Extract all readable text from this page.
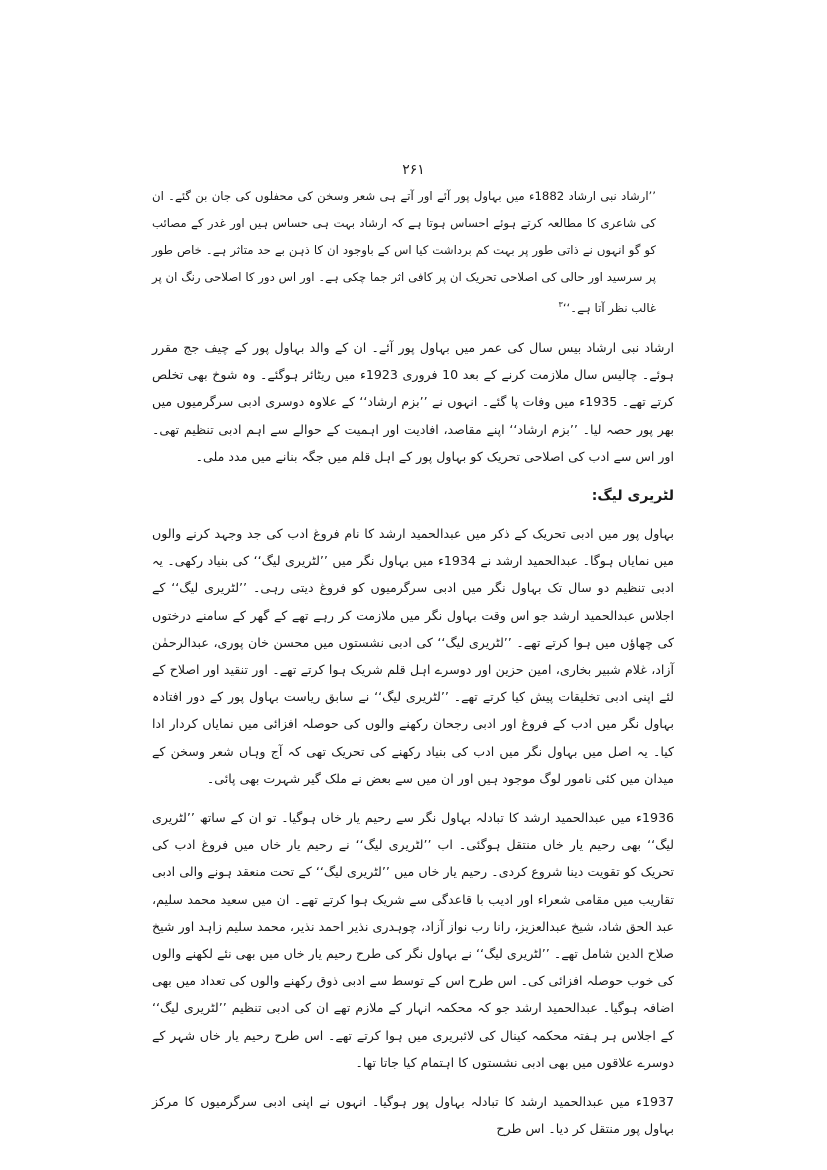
۲۶۱

’’ارشاد نبی ارشاد 1882ء میں بہاول پور آئے اور آتے ہی شعر وسخن کی محفلوں کی جان بن گئے۔ ان کی شاعری کا مطالعہ کرتے ہوئے احساس ہوتا ہے کہ ارشاد بہت ہی حساس ہیں اور غدر کے مصائب کو گو انہوں نے ذاتی طور پر بہت کم برداشت کیا اس کے باوجود ان کا ذہن بے حد متاثر ہے۔ خاص طور پر سرسید اور حالی کی اصلاحی تحریک ان پر کافی اثر جما چکی ہے۔ اور اس دور کا اصلاحی رنگ ان پر غالب نظر آتا ہے۔‘‘$^۳$

ارشاد نبی ارشاد بیس سال کی عمر میں بہاول پور آئے۔ ان کے والد بہاول پور کے چیف جج مقرر ہوئے۔ چالیس سال ملازمت کرنے کے بعد 10 فروری 1923ء میں ریٹائر ہوگئے۔ وہ شوخ بھی تخلص کرتے تھے۔ 1935ء میں وفات پا گئے۔ انہوں نے ’’بزم ارشاد‘‘ کے علاوہ دوسری ادبی سرگرمیوں میں بھر پور حصہ لیا۔ ’’بزم ارشاد‘‘ اپنے مقاصد، افادیت اور اہمیت کے حوالے سے اہم ادبی تنظیم تھی۔ اور اس سے ادب کی اصلاحی تحریک کو بہاول پور کے اہل قلم میں جگہ بنانے میں مدد ملی۔

لٹریری لیگ:

بہاول پور میں ادبی تحریک کے ذکر میں عبدالحمید ارشد کا نام فروغ ادب کی جد وجہد کرنے والوں میں نمایاں ہوگا۔ عبدالحمید ارشد نے 1934ء میں بہاول نگر میں ’’لٹریری لیگ‘‘ کی بنیاد رکھی۔ یہ ادبی تنظیم دو سال تک بہاول نگر میں ادبی سرگرمیوں کو فروغ دیتی رہی۔ ’’لٹریری لیگ‘‘ کے اجلاس عبدالحمید ارشد جو اس وقت بہاول نگر میں ملازمت کر رہے تھے کے گھر کے سامنے درختوں کی چھاؤں میں ہوا کرتے تھے۔ ’’لٹریری لیگ‘‘ کی ادبی نشستوں میں محسن خان پوری، عبدالرحمٰن آزاد، غلام شبیر بخاری، امین حزین اور دوسرے اہل قلم شریک ہوا کرتے تھے۔ اور تنقید اور اصلاح کے لئے اپنی ادبی تخلیقات پیش کیا کرتے تھے۔ ’’لٹریری لیگ‘‘ نے سابق ریاست بہاول پور کے دور افتادہ بہاول نگر میں ادب کے فروغ اور ادبی رجحان رکھنے والوں کی حوصلہ افزائی میں نمایاں کردار ادا کیا۔ یہ اصل میں بہاول نگر میں ادب کی بنیاد رکھنے کی تحریک تھی کہ آج وہاں شعر وسخن کے میدان میں کئی نامور لوگ موجود ہیں اور ان میں سے بعض نے ملک گیر شہرت بھی پائی۔

1936ء میں عبدالحمید ارشد کا تبادلہ بہاول نگر سے رحیم یار خاں ہوگیا۔ تو ان کے ساتھ ’’لٹریری لیگ‘‘ بھی رحیم یار خاں منتقل ہوگئی۔ اب ’’لٹریری لیگ‘‘ نے رحیم یار خاں میں فروغ ادب کی تحریک کو تقویت دینا شروع کردی۔ رحیم یار خاں میں ’’لٹریری لیگ‘‘ کے تحت منعقد ہونے والی ادبی تقاریب میں مقامی شعراء اور ادیب با قاعدگی سے شریک ہوا کرتے تھے۔ ان میں سعید محمد سلیم، عبد الحق شاد، شیخ عبدالعزیز، رانا رب نواز آزاد، چوہدری نذیر احمد نذیر، محمد سلیم زاہد اور شیخ صلاح الدین شامل تھے۔ ’’لٹریری لیگ‘‘ نے بہاول نگر کی طرح رحیم یار خاں میں بھی نئے لکھنے والوں کی خوب حوصلہ افزائی کی۔ اس طرح اس کے توسط سے ادبی ذوق رکھنے والوں کی تعداد میں بھی اضافہ ہوگیا۔ عبدالحمید ارشد جو کہ محکمہ انہار کے ملازم تھے ان کی ادبی تنظیم ’’لٹریری لیگ‘‘ کے اجلاس ہر ہفتہ محکمہ کینال کی لائبریری میں ہوا کرتے تھے۔ اس طرح رحیم یار خاں شہر کے دوسرے علاقوں میں بھی ادبی نشستوں کا اہتمام کیا جاتا تھا۔

1937ء میں عبدالحمید ارشد کا تبادلہ بہاول پور ہوگیا۔ انہوں نے اپنی ادبی سرگرمیوں کا مرکز بہاول پور منتقل کر دیا۔ اس طرح
